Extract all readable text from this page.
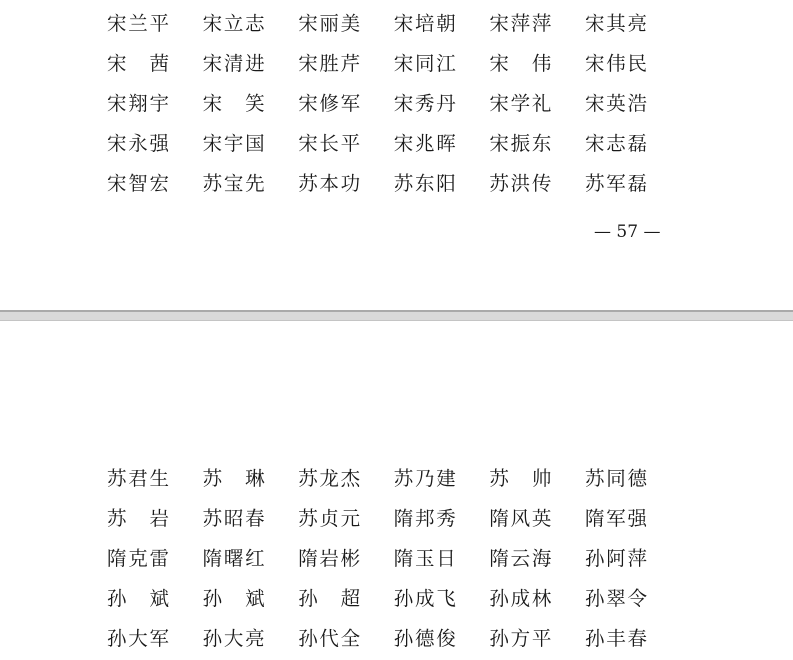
宋 兰 平 宋 立 志 宋 丽 美 宋 培 朝 宋 萍 萍 宋 其 亮
宋 茜 宋 清 进 宋 胜 芹 宋 同 江 宋 伟 宋 伟 民
宋 翔 宇 宋 笑 宋 修 军 宋 秀 丹 宋 学 礼 宋 英 浩
宋 永 强 宋 宇 国 宋 长 平 宋 兆 晖 宋 振 东 宋 志 磊
宋 智 宏 苏 宝 先 苏 本 功 苏 东 阳 苏 洪 传 苏 军 磊
— 57 —
苏 君 生 苏 琳 苏 龙 杰 苏 乃 建 苏 帅 苏 同 德
苏 岩 苏 昭 春 苏 贞 元 隋 邦 秀 隋 风 英 隋 军 强
隋 克 雷 隋 曙 红 隋 岩 彬 隋 玉 日 隋 云 海 孙 阿 萍
孙 斌 孙 斌 孙 超 孙 成 飞 孙 成 林 孙 翠 令
孙 大 军 孙 大 亮 孙 代 全 孙 德 俊 孙 方 平 孙 丰 春
